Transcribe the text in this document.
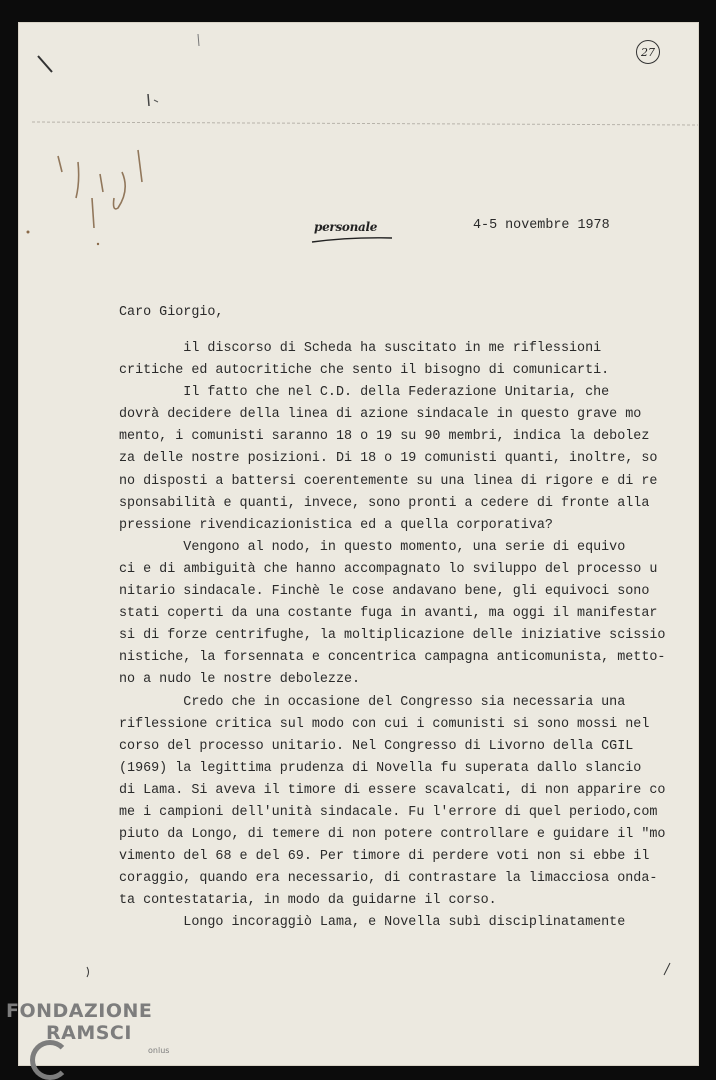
27
personale	4-5 novembre 1978
Caro Giorgio,
il discorso di Scheda ha suscitato in me riflessioni
critiche ed autocritiche che sento il bisogno di comunicarti.
Il fatto che nel C.D. della Federazione Unitaria, che
dovrà decidere della linea di azione sindacale in questo grave mo
mento, i comunisti saranno 18 o 19 su 90 membri, indica la debolez
za delle nostre posizioni. Di 18 o 19 comunisti quanti, inoltre, so
no disposti a battersi coerentemente su una linea di rigore e di re
sponsabilità e quanti, invece, sono pronti a cedere di fronte alla
pressione rivendicazionistica ed a quella corporativa?
Vengono al nodo, in questo momento, una serie di equivo
ci e di ambiguità che hanno accompagnato lo sviluppo del processo u
nitario sindacale. Finchè le cose andavano bene, gli equivoci sono
stati coperti da una costante fuga in avanti, ma oggi il manifestar
si di forze centrifughe, la moltiplicazione delle iniziative scissio
nistiche, la forsennata e concentrica campagna anticomunista, metto-
no a nudo le nostre debolezze.
Credo che in occasione del Congresso sia necessaria una
riflessione critica sul modo con cui i comunisti si sono mossi nel
corso del processo unitario. Nel Congresso di Livorno della CGIL
(1969) la legittima prudenza di Novella fu superata dallo slancio
di Lama. Si aveva il timore di essere scavalcati, di non apparire co
me i campioni dell'unità sindacale. Fu l'errore di quel periodo,com
piuto da Longo, di temere di non potere controllare e guidare il "mo
vimento del 68 e del 69. Per timore di perdere voti non si ebbe il
coraggio, quando era necessario, di contrastare la limacciosa onda-
ta contestataria, in modo da guidarne il corso.
Longo incoraggiò Lama, e Novella subì disciplinatamente
FONDAZIONE
RAMSCI
onlus
